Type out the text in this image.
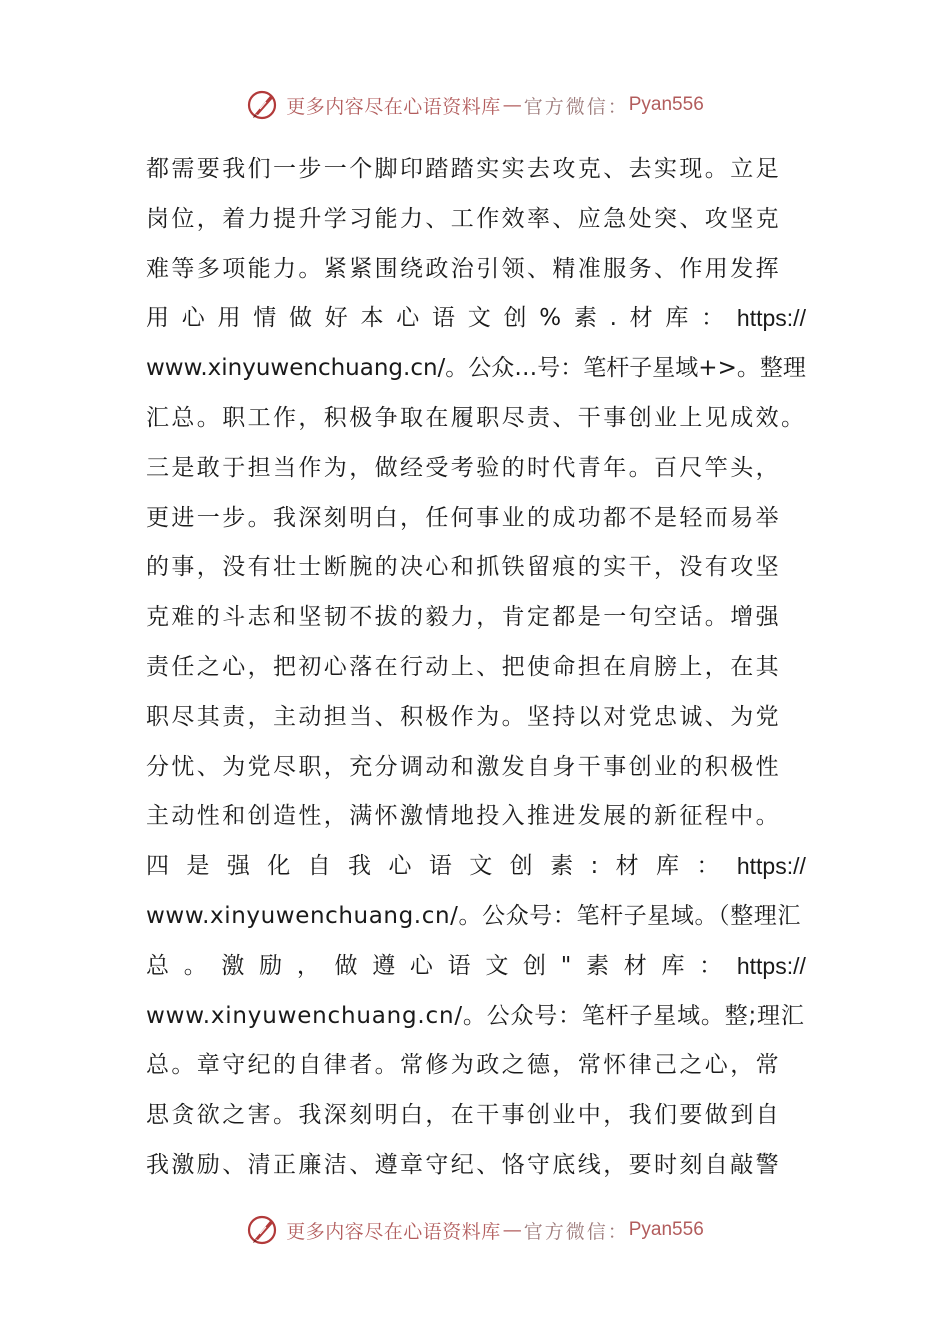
更多内容尽在心语资料库 — 官方微信： Pyan556
都需要我们一步一个脚印踏踏实实去攻克、去实现。立足
岗位，着力提升学习能力、工作效率、应急处突、攻坚克
难等多项能力。紧紧围绕政治引领、精准服务、作用发挥
用 心 用 情 做 好 本 心 语 文 创 % 素 . 材 库 ： https://
www.xinyuwenchuang.cn/。公众…号：笔杆子星域+>。整理
汇总。职工作，积极争取在履职尽责、干事创业上见成效。
三是敢于担当作为，做经受考验的时代青年。百尺竿头，
更进一步。我深刻明白，任何事业的成功都不是轻而易举
的事，没有壮士断腕的决心和抓铁留痕的实干，没有攻坚
克难的斗志和坚韧不拔的毅力，肯定都是一句空话。增强
责任之心，把初心落在行动上、把使命担在肩膀上，在其
职尽其责，主动担当、积极作为。坚持以对党忠诚、为党
分忧、为党尽职，充分调动和激发自身干事创业的积极性
主动性和创造性，满怀激情地投入推进发展的新征程中。
四 是 强 化 自 我 心 语 文 创 素 : 材 库 ： https://
www.xinyuwenchuang.cn/。公众号：笔杆子星域。（整理汇
总 。 激 励 ， 做 遵 心 语 文 创 " 素 材 库 ： https://
www.xinyuwenchuang.cn/。公众号：笔杆子星域。整;理汇
总。章守纪的自律者。常修为政之德，常怀律己之心，常
思贪欲之害。我深刻明白，在干事创业中，我们要做到自
我激励、清正廉洁、遵章守纪、恪守底线，要时刻自敲警
更多内容尽在心语资料库 — 官方微信： Pyan556
